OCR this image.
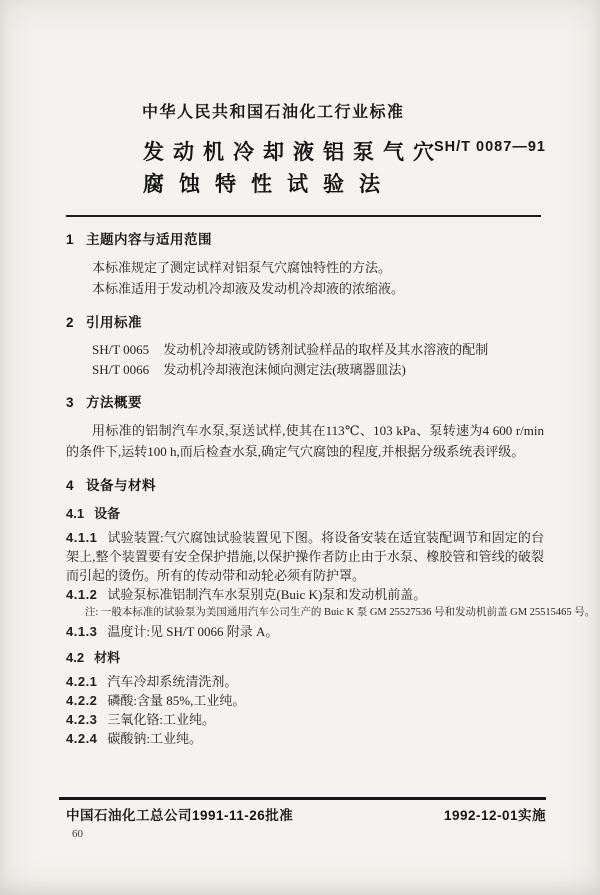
中华人民共和国石油化工行业标准
发动机冷却液铝泵气穴
腐蚀特性试验法
SH/T 0087—91
1 主题内容与适用范围

本标准规定了测定试样对铝泵气穴腐蚀特性的方法。

本标准适用于发动机冷却液及发动机冷却液的浓缩液。

2 引用标准

SH/T 0065 发动机冷却液或防锈剂试验样品的取样及其水溶液的配制

SH/T 0066 发动机冷却液泡沫倾向测定法(玻璃器皿法)

3 方法概要

用标准的铝制汽车水泵,泵送试样,使其在113℃、103 kPa、泵转速为4 600 r/min 的条件下,运转100 h,而后检查水泵,确定气穴腐蚀的程度,并根据分级系统表评级。

4 设备与材料

4.1 设备

4.1.1 试验装置:气穴腐蚀试验装置见下图。将设备安装在适宜装配调节和固定的台架上,整个装置要有安全保护措施,以保护操作者防止由于水泵、橡胶管和管线的破裂而引起的烫伤。所有的传动带和动轮必须有防护罩。

4.1.2 试验泵标准铝制汽车水泵别克(Buic K)泵和发动机前盖。

注: 一般本标准的试验泵为美国通用汽车公司生产的 Buic K 泵 GM 25527536 号和发动机前盖 GM 25515465 号。

4.1.3 温度计:见 SH/T 0066 附录 A。

4.2 材料

4.2.1 汽车冷却系统清洗剂。

4.2.2 磷酸:含量 85%,工业纯。

4.2.3 三氧化铬:工业纯。

4.2.4 碳酸钠:工业纯。

中国石油化工总公司1991-11-26批准	1992-12-01实施
60
